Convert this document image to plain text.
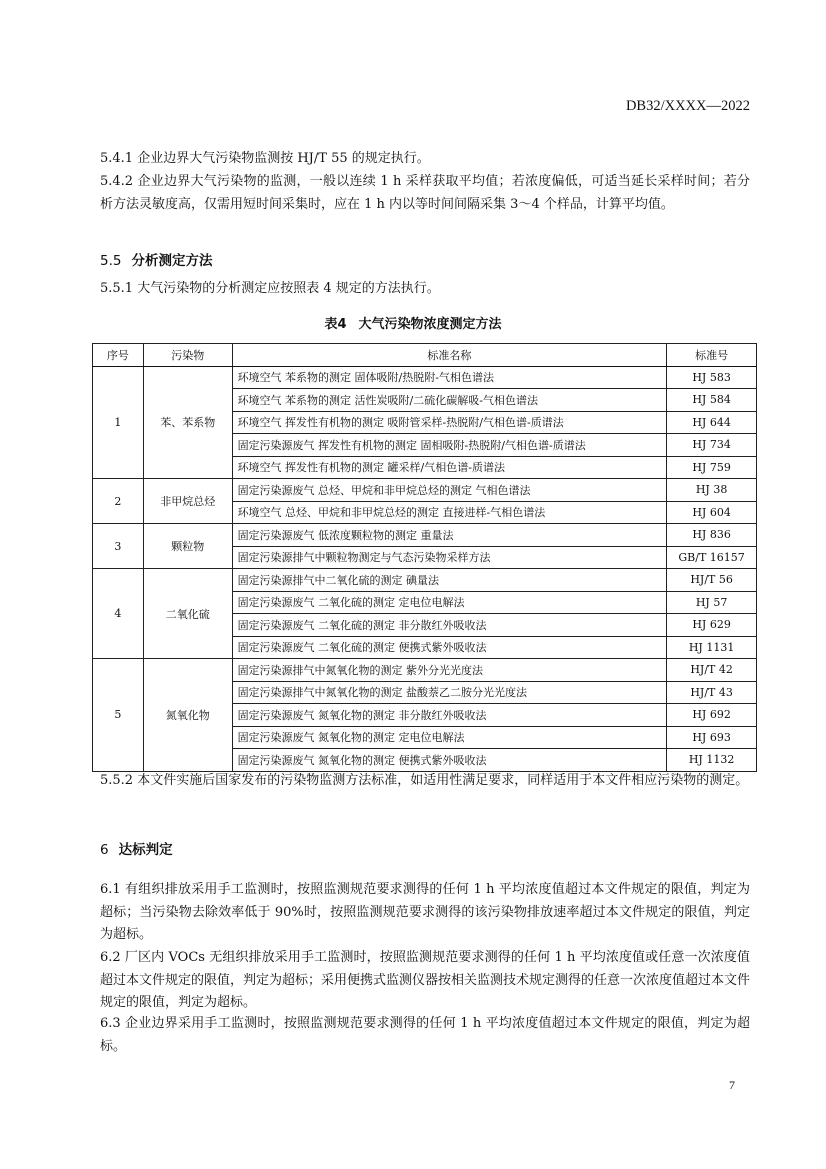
DB32/XXXX—2022

5.4.1 企业边界大气污染物监测按 HJ/T 55 的规定执行。

5.4.2 企业边界大气污染物的监测，一般以连续 1 h 采样获取平均值；若浓度偏低，可适当延长采样时间；若分析方法灵敏度高，仅需用短时间采集时，应在 1 h 内以等时间间隔采集 3～4 个样品，计算平均值。

5.5 分析测定方法

5.5.1 大气污染物的分析测定应按照表 4 规定的方法执行。

表4 大气污染物浓度测定方法
序号	污染物	标准名称	标准号
1	苯、苯系物	环境空气 苯系物的测定 固体吸附/热脱附-气相色谱法	HJ 583
		环境空气 苯系物的测定 活性炭吸附/二硫化碳解吸-气相色谱法	HJ 584
		环境空气 挥发性有机物的测定 吸附管采样-热脱附/气相色谱-质谱法	HJ 644
		固定污染源废气 挥发性有机物的测定 固相吸附-热脱附/气相色谱-质谱法	HJ 734
		环境空气 挥发性有机物的测定 罐采样/气相色谱-质谱法	HJ 759
2	非甲烷总烃	固定污染源废气 总烃、甲烷和非甲烷总烃的测定 气相色谱法	HJ 38
		环境空气 总烃、甲烷和非甲烷总烃的测定 直接进样-气相色谱法	HJ 604
3	颗粒物	固定污染源废气 低浓度颗粒物的测定 重量法	HJ 836
		固定污染源排气中颗粒物测定与气态污染物采样方法	GB/T 16157
4	二氧化硫	固定污染源排气中二氧化硫的测定 碘量法	HJ/T 56
		固定污染源废气 二氧化硫的测定 定电位电解法	HJ 57
		固定污染源废气 二氧化硫的测定 非分散红外吸收法	HJ 629
		固定污染源废气 二氧化硫的测定 便携式紫外吸收法	HJ 1131
5	氮氧化物	固定污染源排气中氮氧化物的测定 紫外分光光度法	HJ/T 42
		固定污染源排气中氮氧化物的测定 盐酸萘乙二胺分光光度法	HJ/T 43
		固定污染源废气 氮氧化物的测定 非分散红外吸收法	HJ 692
		固定污染源废气 氮氧化物的测定 定电位电解法	HJ 693
		固定污染源废气 氮氧化物的测定 便携式紫外吸收法	HJ 1132

5.5.2 本文件实施后国家发布的污染物监测方法标准，如适用性满足要求，同样适用于本文件相应污染物的测定。

6 达标判定

6.1 有组织排放采用手工监测时，按照监测规范要求测得的任何 1 h 平均浓度值超过本文件规定的限值，判定为超标；当污染物去除效率低于 90%时，按照监测规范要求测得的该污染物排放速率超过本文件规定的限值，判定为超标。

6.2 厂区内 VOCs 无组织排放采用手工监测时，按照监测规范要求测得的任何 1 h 平均浓度值或任意一次浓度值超过本文件规定的限值，判定为超标；采用便携式监测仪器按相关监测技术规定测得的任意一次浓度值超过本文件规定的限值，判定为超标。

6.3 企业边界采用手工监测时，按照监测规范要求测得的任何 1 h 平均浓度值超过本文件规定的限值，判定为超标。

7
